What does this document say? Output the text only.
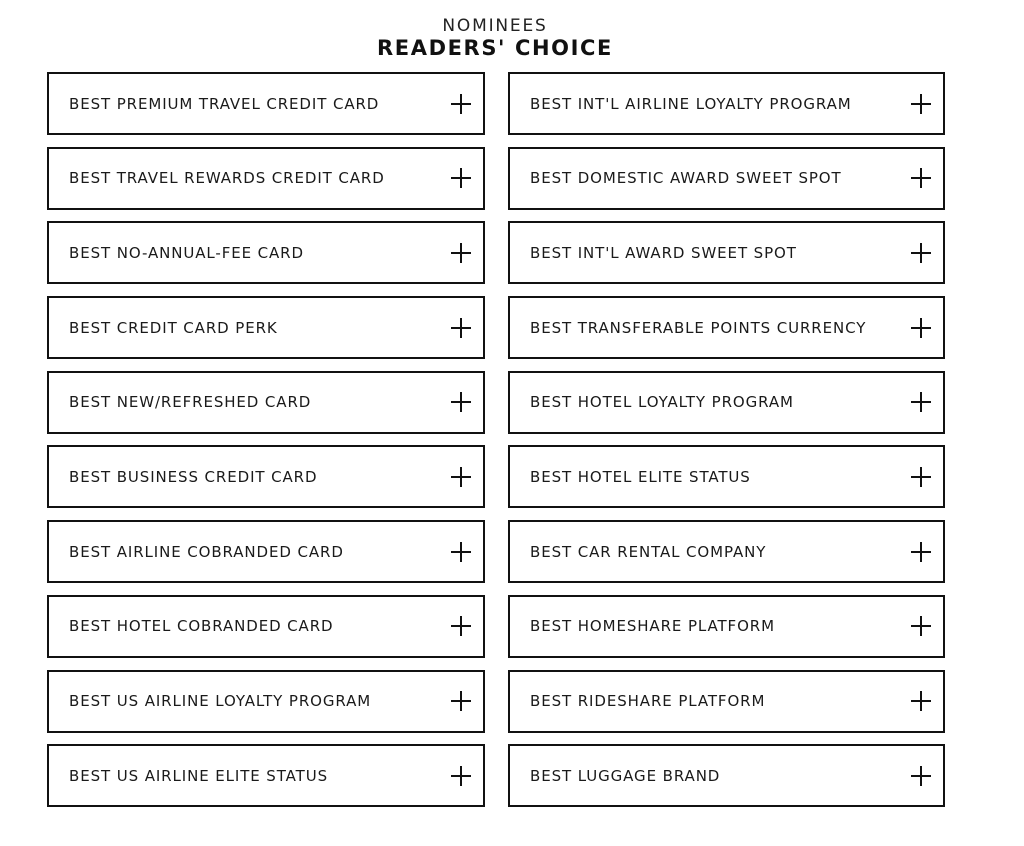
NOMINEES
READERS' CHOICE
BEST PREMIUM TRAVEL CREDIT CARD	BEST INT'L AIRLINE LOYALTY PROGRAM
BEST TRAVEL REWARDS CREDIT CARD	BEST DOMESTIC AWARD SWEET SPOT
BEST NO-ANNUAL-FEE CARD	BEST INT'L AWARD SWEET SPOT
BEST CREDIT CARD PERK	BEST TRANSFERABLE POINTS CURRENCY
BEST NEW/REFRESHED CARD	BEST HOTEL LOYALTY PROGRAM
BEST BUSINESS CREDIT CARD	BEST HOTEL ELITE STATUS
BEST AIRLINE COBRANDED CARD	BEST CAR RENTAL COMPANY
BEST HOTEL COBRANDED CARD	BEST HOMESHARE PLATFORM
BEST US AIRLINE LOYALTY PROGRAM	BEST RIDESHARE PLATFORM
BEST US AIRLINE ELITE STATUS	BEST LUGGAGE BRAND
